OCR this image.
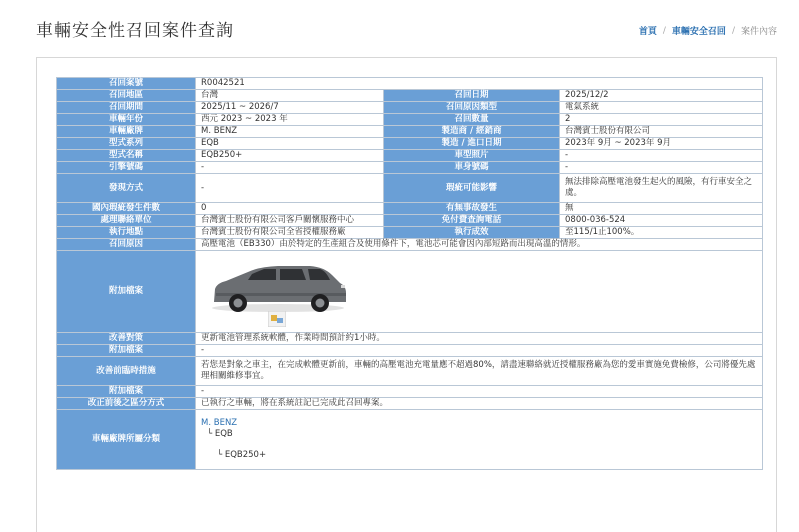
車輛安全性召回案件查詢	首頁 / 車輛安全召回 / 案件內容
召回案號	R0042521		
召回地區	台灣	召回日期	2025/12/2
召回期間	2025/11 ~ 2026/7	召回原因類型	電氣系統
車輛年份	西元 2023 ~ 2023 年	召回數量	2
車輛廠牌	M. BENZ	製造商 / 經銷商	台灣賓士股份有限公司
型式系列	EQB	製造 / 進口日期	2023年 9月 ~ 2023年 9月
型式名稱	EQB250+	車型照片	-
引擎號碼	-	車身號碼	-
發現方式	-	瑕疵可能影響	無法排除高壓電池發生起火的風險，有行車安全之虞。
國內瑕疵發生件數	0	有無事故發生	無
處理聯絡單位	台灣賓士股份有限公司客戶關懷服務中心	免付費查詢電話	0800-036-524
執行地點	台灣賓士股份有限公司全省授權服務廠	執行成效	至115/1止100%。
召回原因	高壓電池（EB330）由於特定的生產組合及使用條件下，電池芯可能會因內部短路而出現高溫的情形。		
附加檔案	

改善對策	更新電池管理系統軟體，作業時間預計約1小時。		
附加檔案	-		
改善前臨時措施	若您是對象之車主，在完成軟體更新前，車輛的高壓電池充電量應不超過80%，請盡速聯絡就近授權服務廠為您的愛車實施免費檢修，公司將優先處理相關維修事宜。		
附加檔案	-		
改正前後之區分方式	已執行之車輛，將在系統註記已完成此召回專案。		
車輛廠牌所屬分類	M. BENZ
└ EQB
└ EQB250+		
